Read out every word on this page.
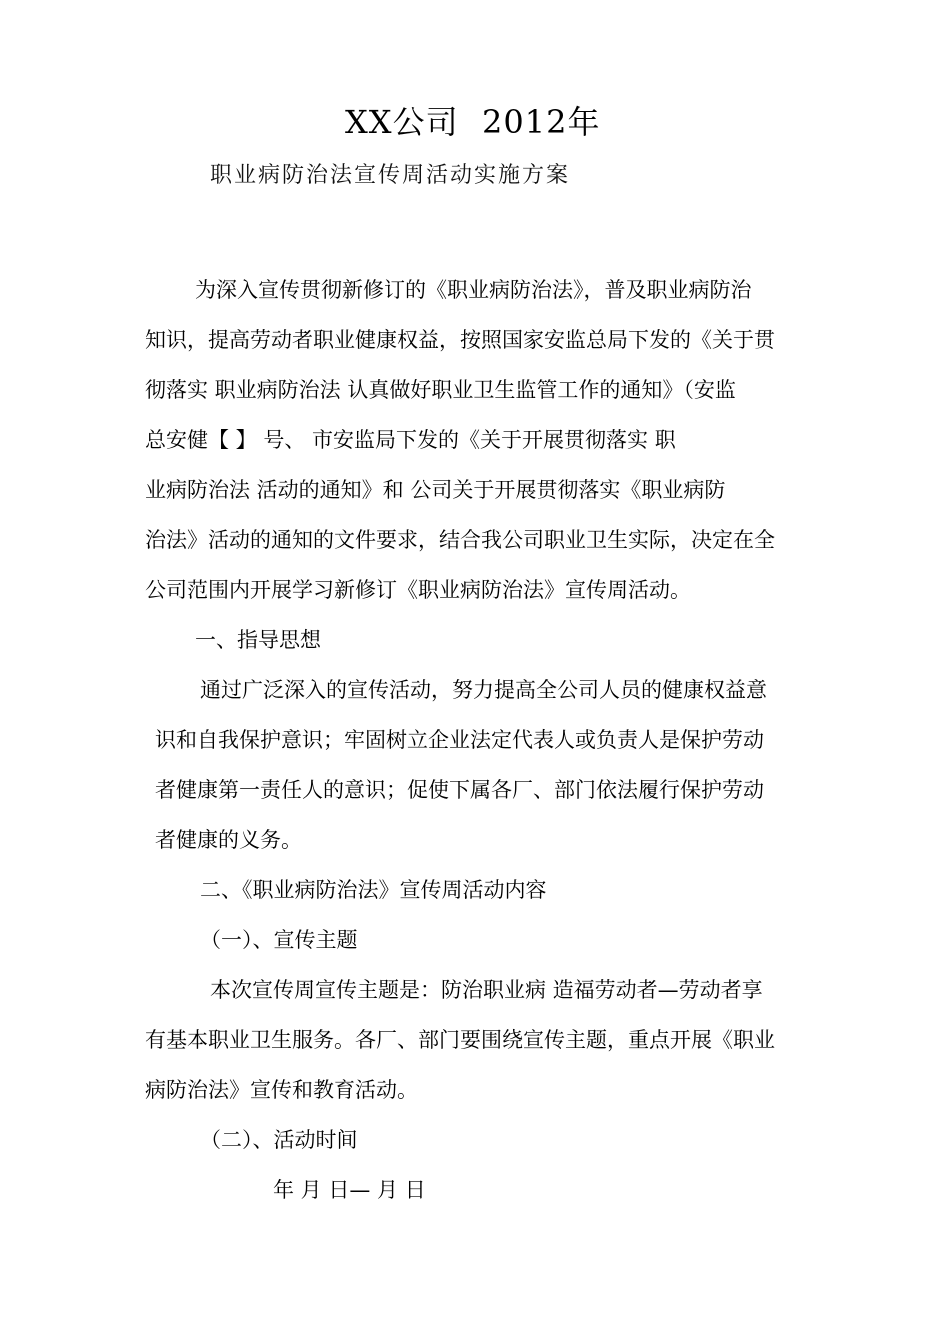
XX公司 2012年
职业病防治法宣传周活动实施方案
为深入宣传贯彻新修订的《职业病防治法》，普及职业病防治
知识，提高劳动者职业健康权益，按照国家安监总局下发的《关于贯
彻落实 职业病防治法 认真做好职业卫生监管工作的通知》（安监
总安健【 】 号、 市安监局下发的《关于开展贯彻落实 职
业病防治法 活动的通知》和 公司关于开展贯彻落实《职业病防
治法》活动的通知的文件要求，结合我公司职业卫生实际，决定在全
公司范围内开展学习新修订《职业病防治法》宣传周活动。
一、指导思想
通过广泛深入的宣传活动，努力提高全公司人员的健康权益意
识和自我保护意识；牢固树立企业法定代表人或负责人是保护劳动
者健康第一责任人的意识；促使下属各厂、部门依法履行保护劳动
者健康的义务。
二、《职业病防治法》宣传周活动内容
（一）、宣传主题
本次宣传周宣传主题是：防治职业病 造福劳动者—劳动者享
有基本职业卫生服务。各厂、部门要围绕宣传主题，重点开展《职业
病防治法》宣传和教育活动。
（二）、活动时间
年 月 日— 月 日
